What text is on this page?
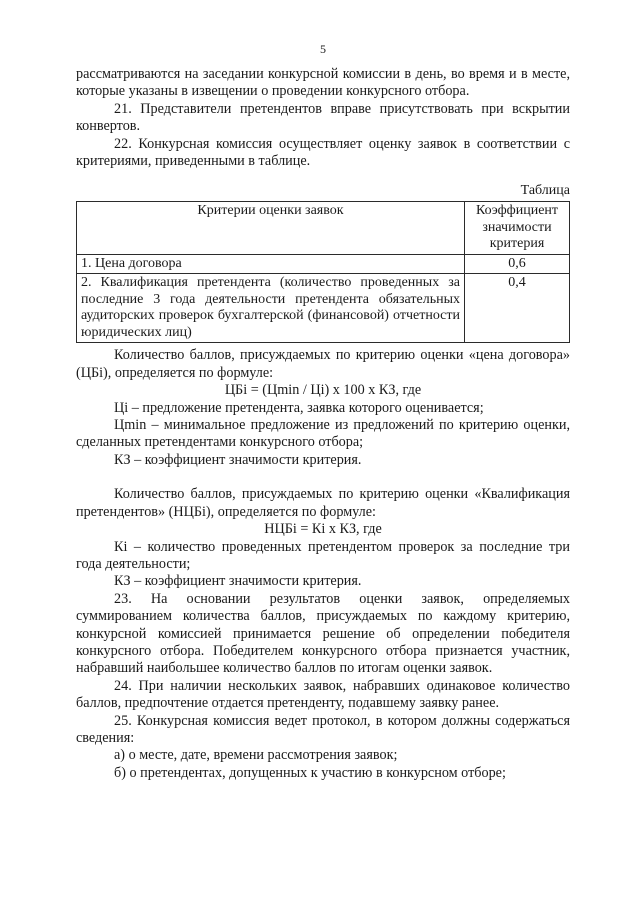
5

рассматриваются на заседании конкурсной комиссии в день, во время и в месте, которые указаны в извещении о проведении конкурсного отбора.

21. Представители претендентов вправе присутствовать при вскрытии конвертов.

22. Конкурсная комиссия осуществляет оценку заявок в соответствии с критериями, приведенными в таблице.

Таблица
Критерии оценки заявок	Коэффициент значимости критерия
1. Цена договора	0,6
2. Квалификация претендента (количество проведенных за последние 3 года деятельности претендента обязательных аудиторских проверок бухгалтерской (финансовой) отчетности юридических лиц)	0,4

Количество баллов, присуждаемых по критерию оценки «цена договора» (ЦБi), определяется по формуле:

ЦБi = (Цmin / Цi) x 100 x КЗ, где

Цi – предложение претендента, заявка которого оценивается;

Цmin – минимальное предложение из предложений по критерию оценки, сделанных претендентами конкурсного отбора;

КЗ – коэффициент значимости критерия.

Количество баллов, присуждаемых по критерию оценки «Квалификация претендентов» (НЦБi), определяется по формуле:

НЦБi = Кi x КЗ, где

Кi – количество проведенных претендентом проверок за последние три года деятельности;

КЗ – коэффициент значимости критерия.

23. На основании результатов оценки заявок, определяемых суммированием количества баллов, присуждаемых по каждому критерию, конкурсной комиссией принимается решение об определении победителя конкурсного отбора. Победителем конкурсного отбора признается участник, набравший наибольшее количество баллов по итогам оценки заявок.

24. При наличии нескольких заявок, набравших одинаковое количество баллов, предпочтение отдается претенденту, подавшему заявку ранее.

25. Конкурсная комиссия ведет протокол, в котором должны содержаться сведения:

а) о месте, дате, времени рассмотрения заявок;

б) о претендентах, допущенных к участию в конкурсном отборе;
